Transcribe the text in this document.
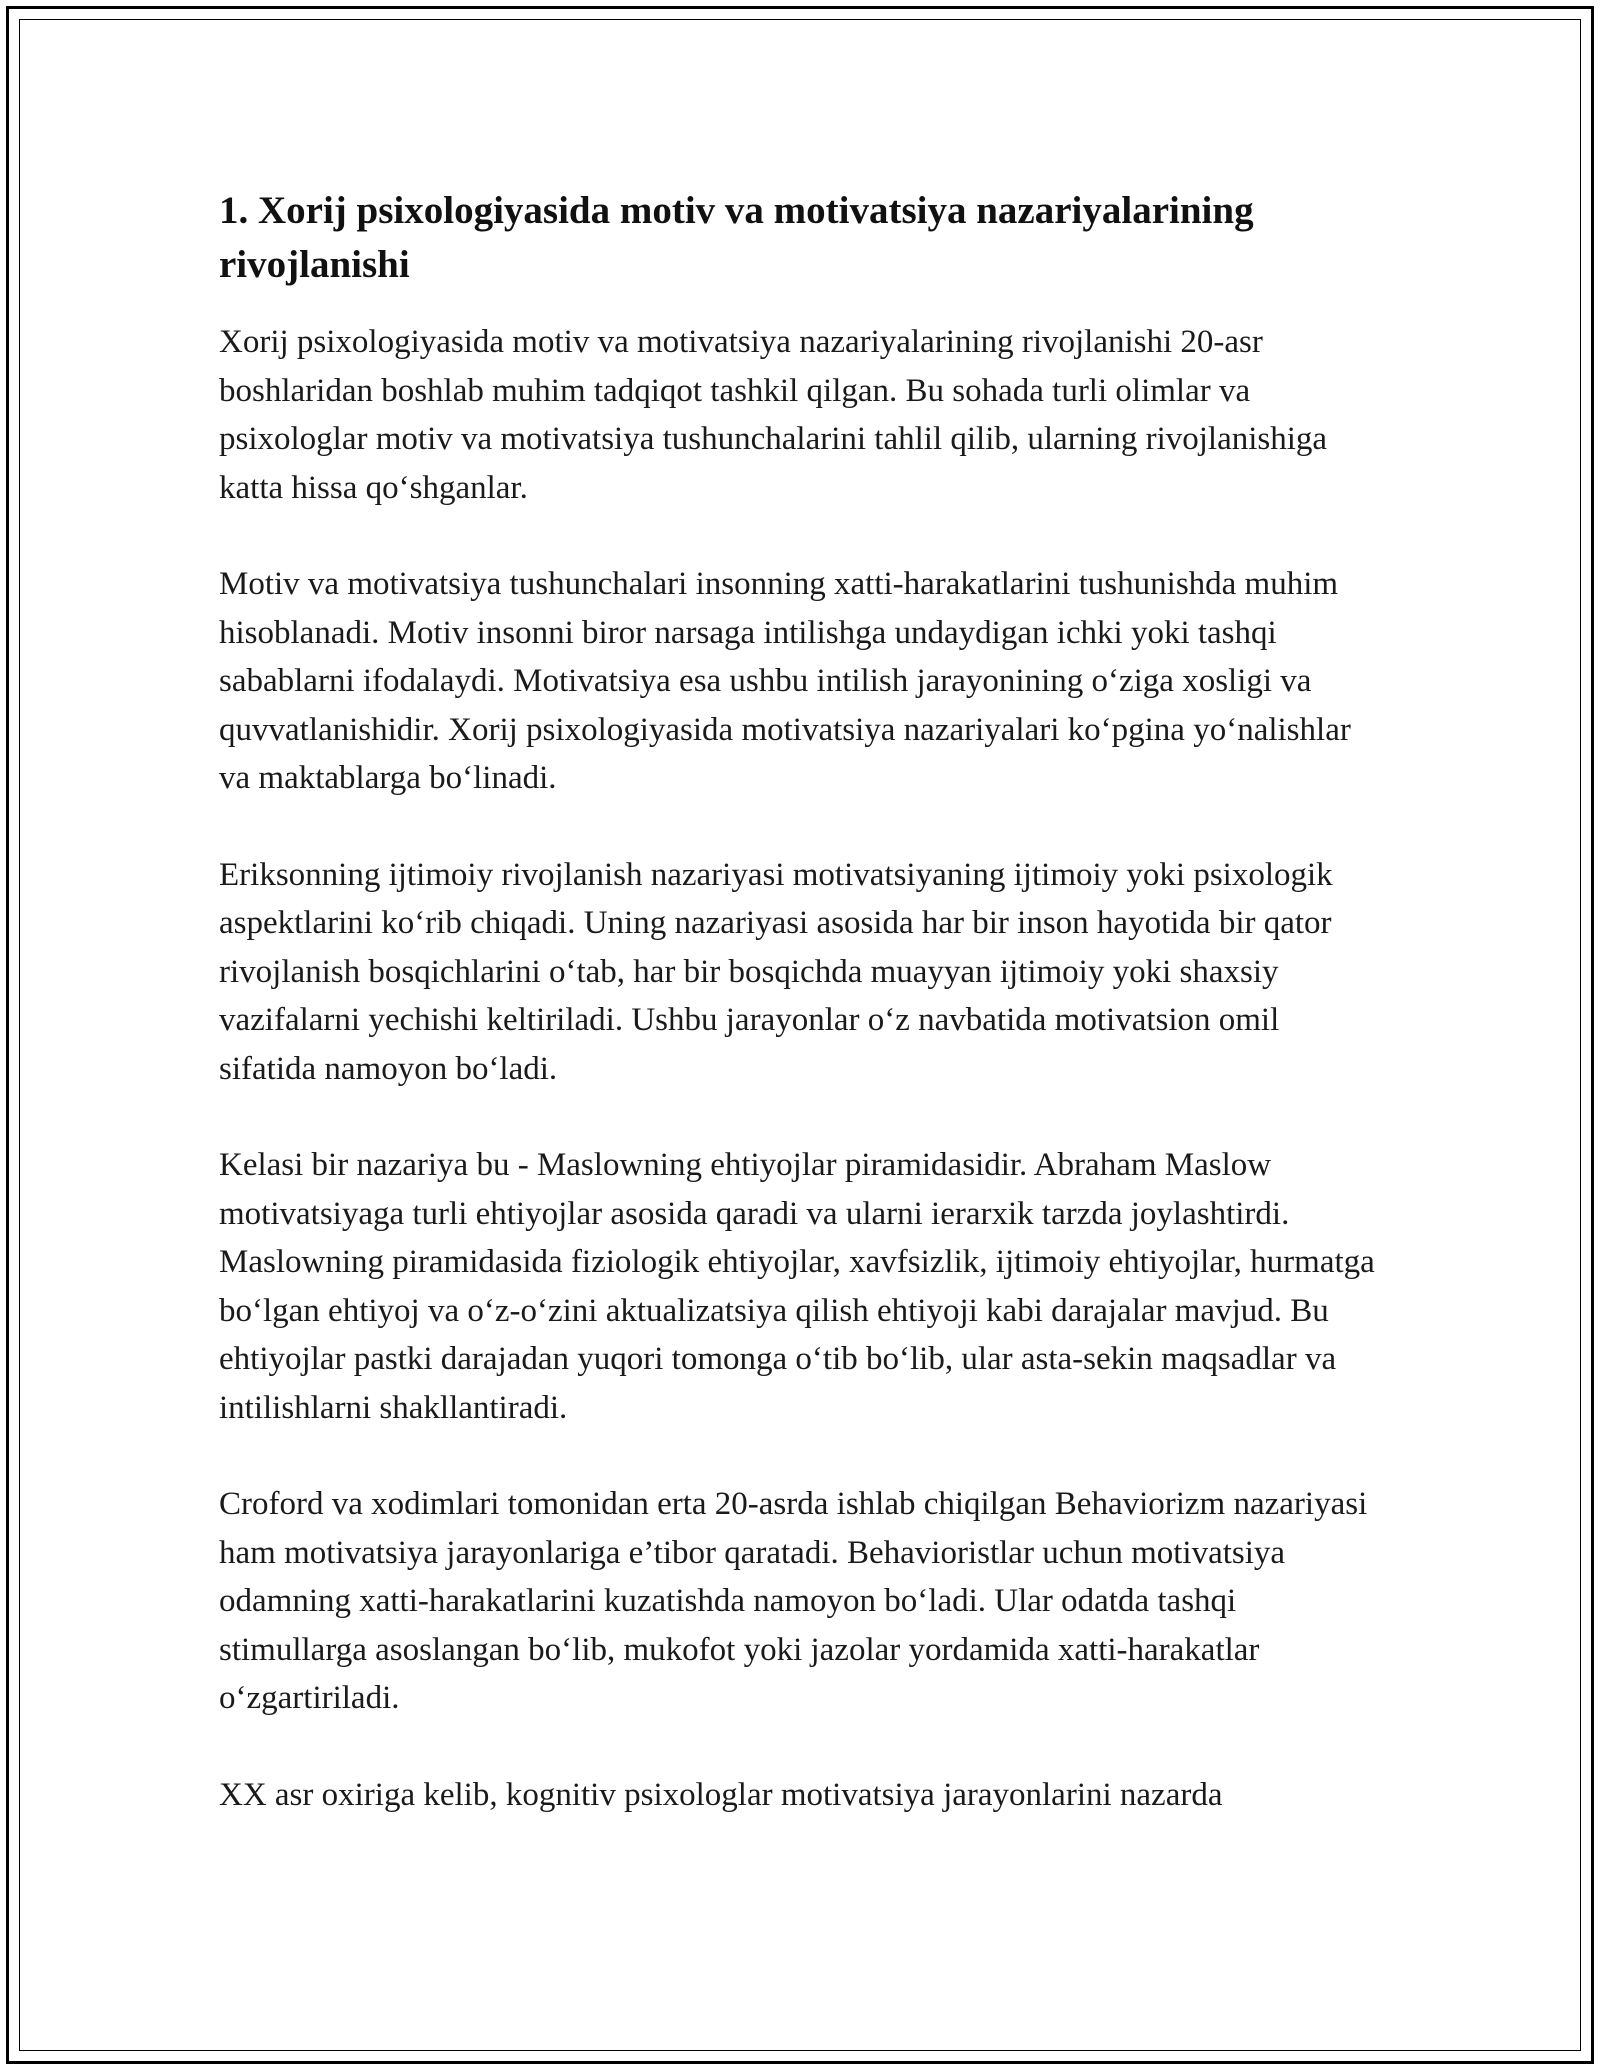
1. Xorij psixologiyasida motiv va motivatsiya nazariyalarining rivojlanishi

Xorij psixologiyasida motiv va motivatsiya nazariyalarining rivojlanishi 20-asr boshlaridan boshlab muhim tadqiqot tashkil qilgan. Bu sohada turli olimlar va psixologlar motiv va motivatsiya tushunchalarini tahlil qilib, ularning rivojlanishiga katta hissa qo‘shganlar.

Motiv va motivatsiya tushunchalari insonning xatti-harakatlarini tushunishda muhim hisoblanadi. Motiv insonni biror narsaga intilishga undaydigan ichki yoki tashqi sabablarni ifodalaydi. Motivatsiya esa ushbu intilish jarayonining o‘ziga xosligi va quvvatlanishidir. Xorij psixologiyasida motivatsiya nazariyalari ko‘pgina yo‘nalishlar va maktablarga bo‘linadi.

Eriksonning ijtimoiy rivojlanish nazariyasi motivatsiyaning ijtimoiy yoki psixologik aspektlarini ko‘rib chiqadi. Uning nazariyasi asosida har bir inson hayotida bir qator rivojlanish bosqichlarini o‘tab, har bir bosqichda muayyan ijtimoiy yoki shaxsiy vazifalarni yechishi keltiriladi. Ushbu jarayonlar o‘z navbatida motivatsion omil sifatida namoyon bo‘ladi.

Kelasi bir nazariya bu - Maslowning ehtiyojlar piramidasidir. Abraham Maslow motivatsiyaga turli ehtiyojlar asosida qaradi va ularni ierarxik tarzda joylashtirdi. Maslowning piramidasida fiziologik ehtiyojlar, xavfsizlik, ijtimoiy ehtiyojlar, hurmatga bo‘lgan ehtiyoj va o‘z-o‘zini aktualizatsiya qilish ehtiyoji kabi darajalar mavjud. Bu ehtiyojlar pastki darajadan yuqori tomonga o‘tib bo‘lib, ular asta-sekin maqsadlar va intilishlarni shakllantiradi.

Croford va xodimlari tomonidan erta 20-asrda ishlab chiqilgan Behaviorizm nazariyasi ham motivatsiya jarayonlariga e’tibor qaratadi. Behavioristlar uchun motivatsiya odamning xatti-harakatlarini kuzatishda namoyon bo‘ladi. Ular odatda tashqi stimullarga asoslangan bo‘lib, mukofot yoki jazolar yordamida xatti-harakatlar o‘zgartiriladi.

XX asr oxiriga kelib, kognitiv psixologlar motivatsiya jarayonlarini nazarda
